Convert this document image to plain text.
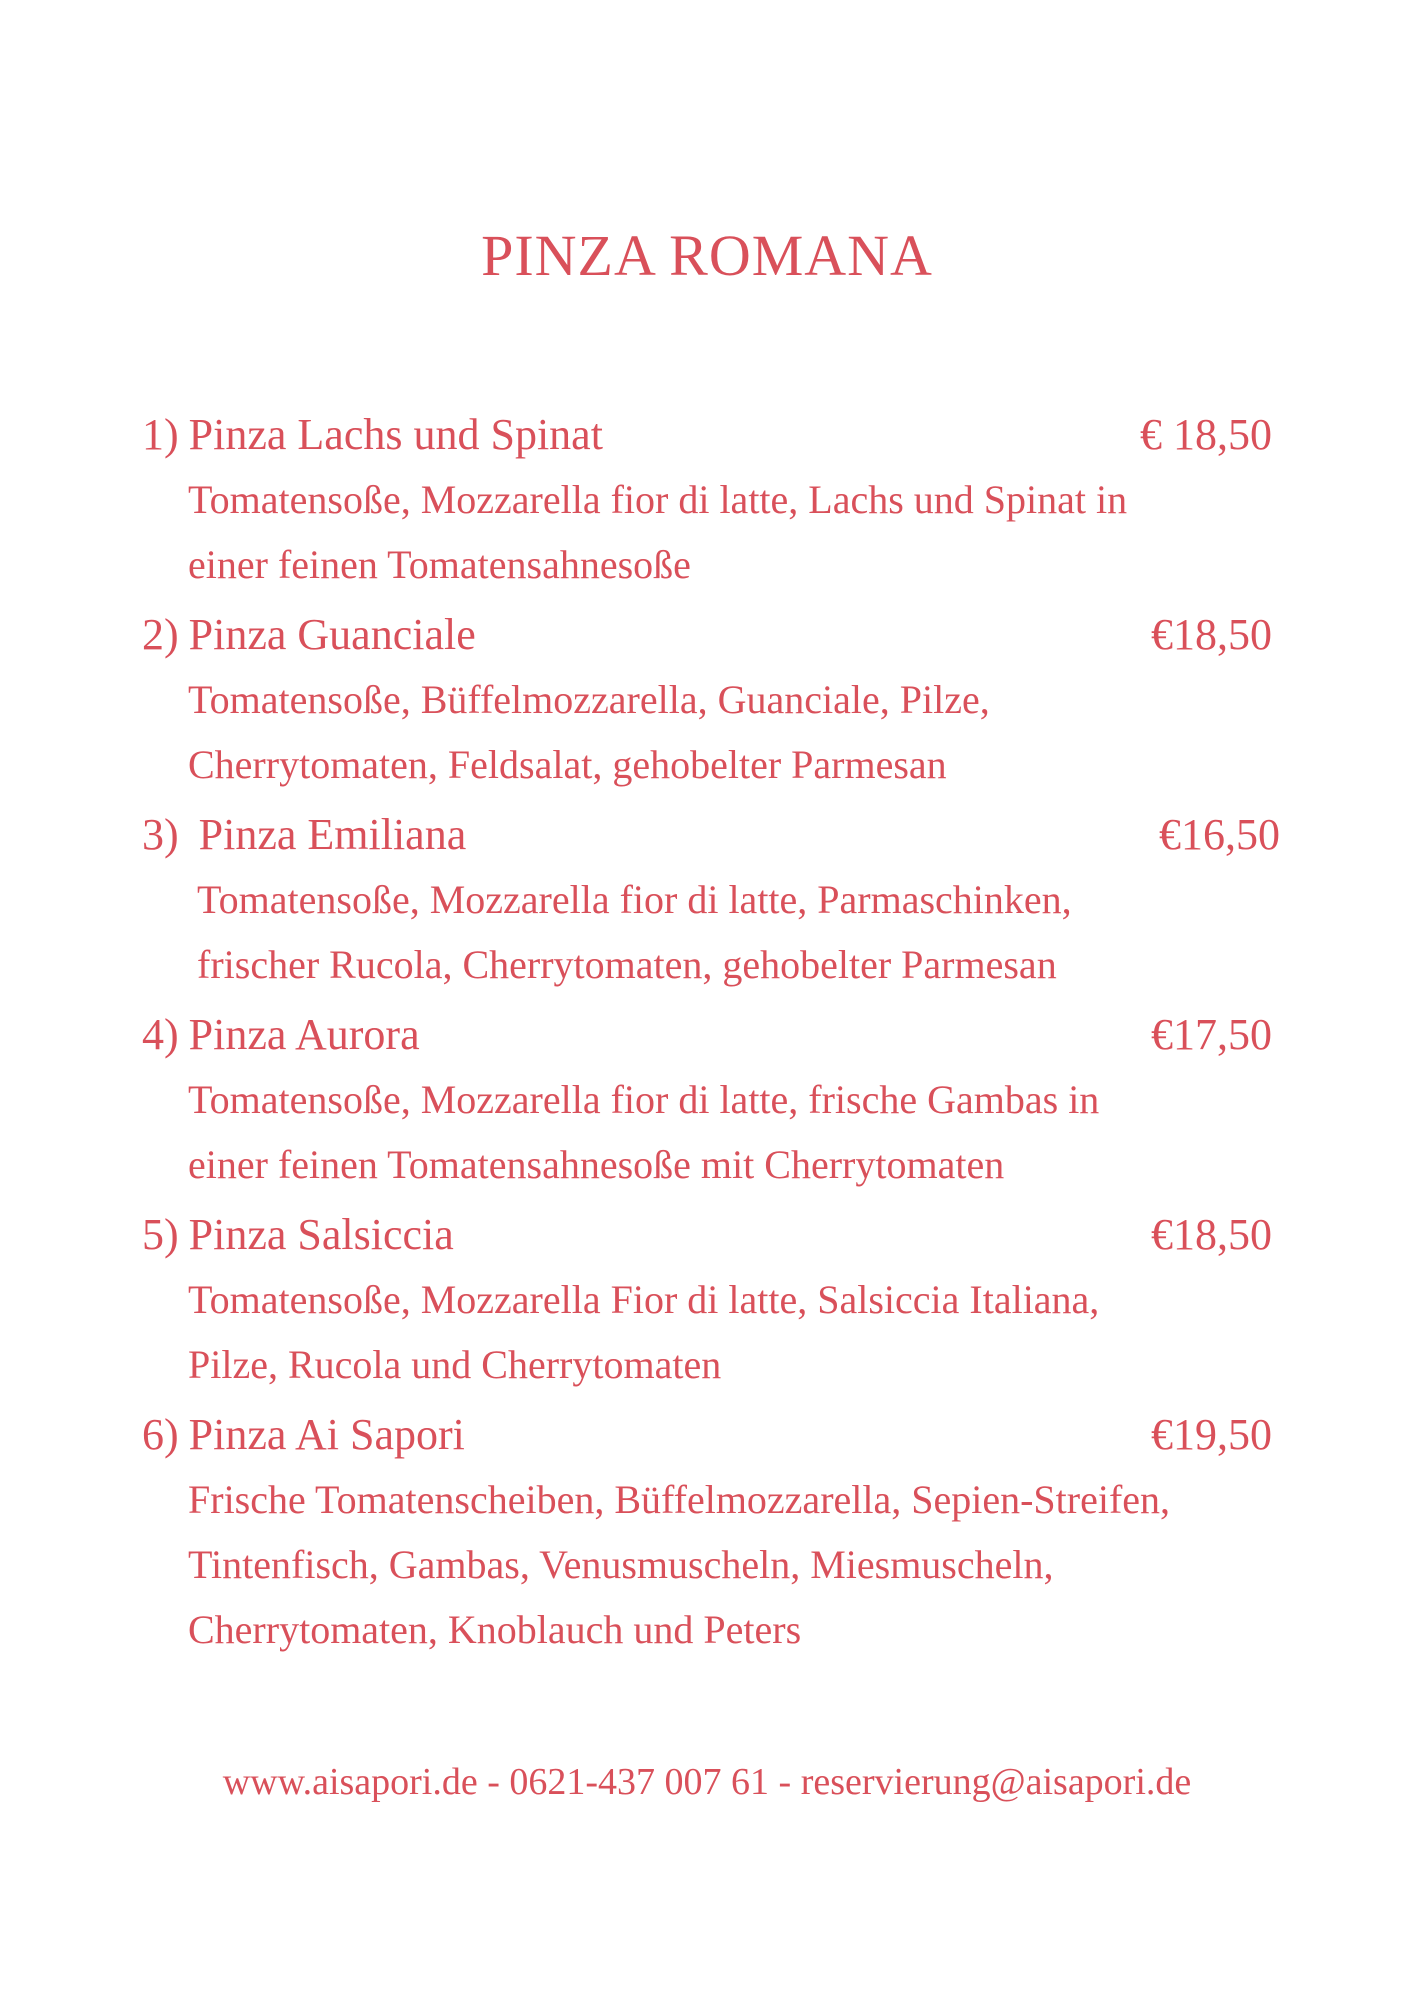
PINZA ROMANA
1) Pinza Lachs und Spinat	€ 18,50

Tomatensoße, Mozzarella fior di latte, Lachs und Spinat in
einer feinen Tomatensahnesoße

2) Pinza Guanciale	€18,50

Tomatensoße, Büffelmozzarella, Guanciale, Pilze,
Cherrytomaten, Feldsalat, gehobelter Parmesan

3) Pinza Emiliana	€16,50

Tomatensoße, Mozzarella fior di latte, Parmaschinken,
frischer Rucola, Cherrytomaten, gehobelter Parmesan

4) Pinza Aurora	€17,50

Tomatensoße, Mozzarella fior di latte, frische Gambas in
einer feinen Tomatensahnesoße mit Cherrytomaten

5) Pinza Salsiccia	€18,50

Tomatensoße, Mozzarella Fior di latte, Salsiccia Italiana,
Pilze, Rucola und Cherrytomaten

6) Pinza Ai Sapori	€19,50

Frische Tomatenscheiben, Büffelmozzarella, Sepien-Streifen,
Tintenfisch, Gambas, Venusmuscheln, Miesmuscheln,
Cherrytomaten, Knoblauch und Peters

www.aisapori.de - 0621-437 007 61 - reservierung@aisapori.de
